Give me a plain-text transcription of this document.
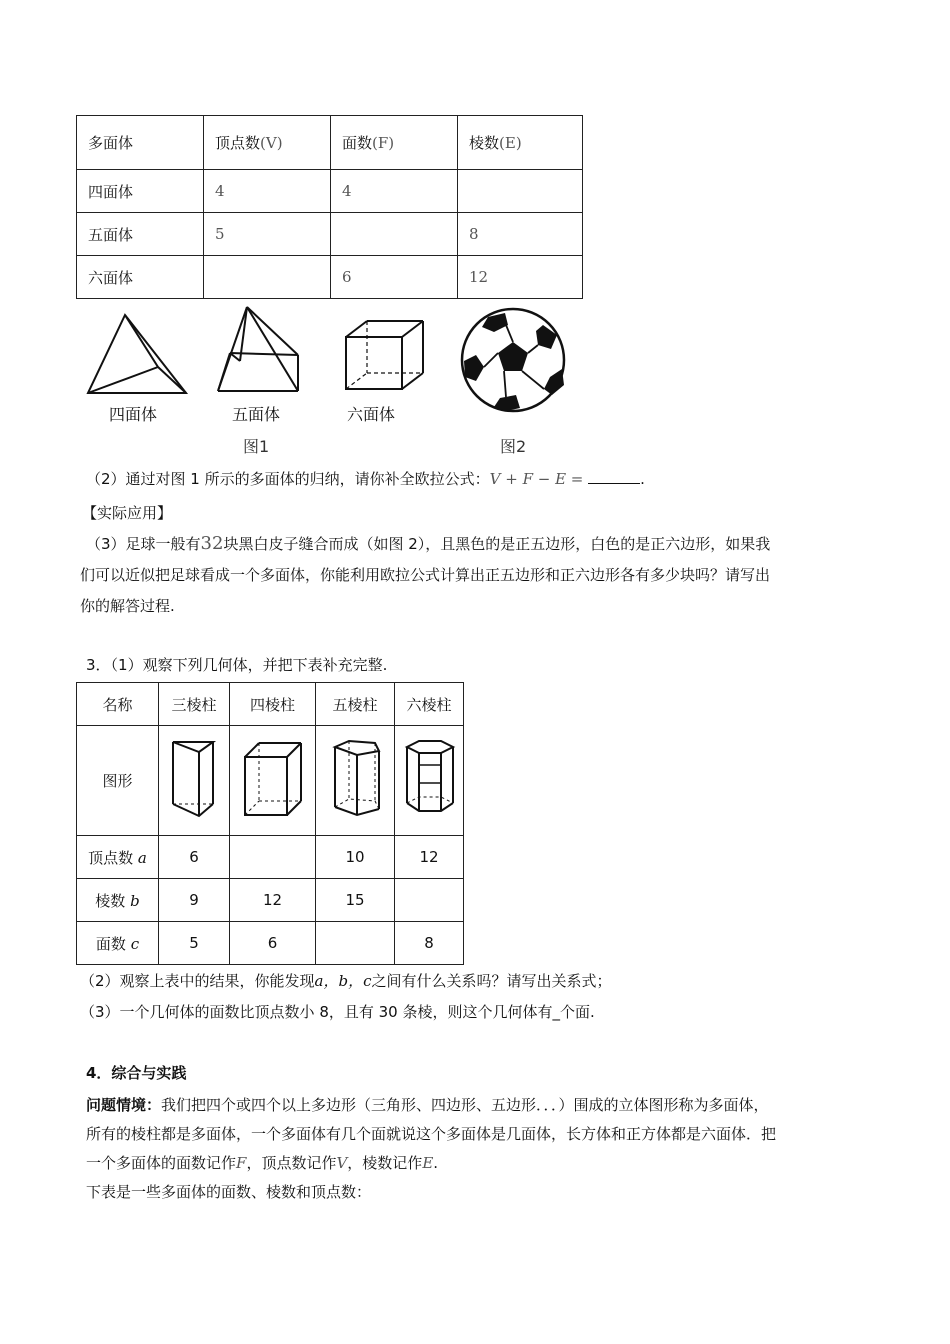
多面体	顶点数(V)	面数(F)	棱数(E)
四面体	4	4	
五面体	5		8
六面体		6	12
四面体	五面体	六面体
图1	图2
（2）通过对图 1 所示的多面体的归纳，请你补全欧拉公式：V + F − E =	.
【实际应用】
（3）足球一般有32块黑白皮子缝合而成（如图 2），且黑色的是正五边形，白色的是正六边形，如果我
们可以近似把足球看成一个多面体，你能利用欧拉公式计算出正五边形和正六边形各有多少块吗？请写出
你的解答过程.
3．（1）观察下列几何体，并把下表补充完整.
名称	三棱柱	四棱柱	五棱柱	六棱柱
图形				
顶点数 a	6		10	12
棱数 b	9	12	15	
面数 c	5	6		8
（2）观察上表中的结果，你能发现a，b，c之间有什么关系吗？请写出关系式；
（3）一个几何体的面数比顶点数小 8，且有 30 条棱，则这个几何体有_个面.
4．综合与实践
问题情境：我们把四个或四个以上多边形（三角形、四边形、五边形．．．）围成的立体图形称为多面体，
所有的棱柱都是多面体，一个多面体有几个面就说这个多面体是几面体，长方体和正方体都是六面体．把
一个多面体的面数记作F，顶点数记作V，棱数记作E.
下表是一些多面体的面数、棱数和顶点数：
